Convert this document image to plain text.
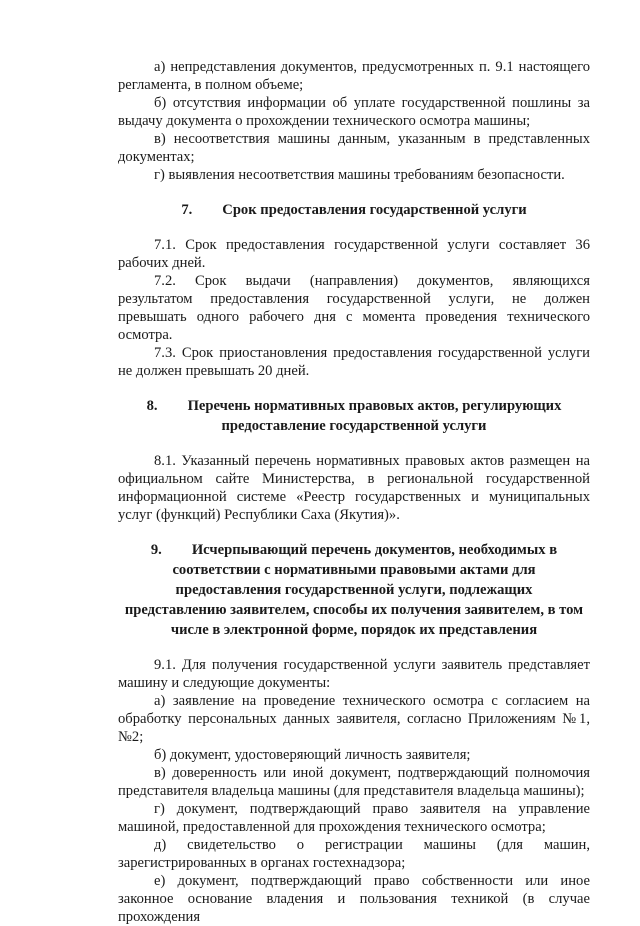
а) непредставления документов, предусмотренных п. 9.1 настоящего регламента, в полном объеме;

б) отсутствия информации об уплате государственной пошлины за выдачу документа о прохождении технического осмотра машины;

в) несоответствия машины данным, указанным в представленных документах;

г) выявления несоответствия машины требованиям безопасности.

7. Срок предоставления государственной услуги

7.1. Срок предоставления государственной услуги составляет 36 рабочих дней.

7.2. Срок выдачи (направления) документов, являющихся результатом предоставления государственной услуги, не должен превышать одного рабочего дня с момента проведения технического осмотра.

7.3. Срок приостановления предоставления государственной услуги не должен превышать 20 дней.

8. Перечень нормативных правовых актов, регулирующих предоставление государственной услуги

8.1. Указанный перечень нормативных правовых актов размещен на официальном сайте Министерства, в региональной государственной информационной системе «Реестр государственных и муниципальных услуг (функций) Республики Саха (Якутия)».

9. Исчерпывающий перечень документов, необходимых в соответствии с нормативными правовыми актами для предоставления государственной услуги, подлежащих представлению заявителем, способы их получения заявителем, в том числе в электронной форме, порядок их представления

9.1. Для получения государственной услуги заявитель представляет машину и следующие документы:

а) заявление на проведение технического осмотра с согласием на обработку персональных данных заявителя, согласно Приложениям №1, №2;

б) документ, удостоверяющий личность заявителя;

в) доверенность или иной документ, подтверждающий полномочия представителя владельца машины (для представителя владельца машины);

г) документ, подтверждающий право заявителя на управление машиной, предоставленной для прохождения технического осмотра;

д) свидетельство о регистрации машины (для машин, зарегистрированных в органах гостехнадзора;

е) документ, подтверждающий право собственности или иное законное основание владения и пользования техникой (в случае прохождения
